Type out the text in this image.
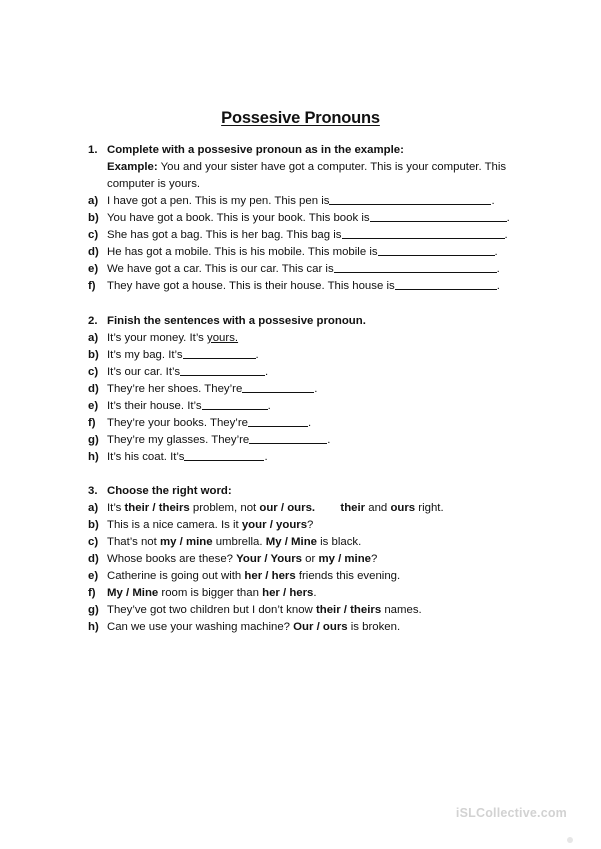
Possesive Pronouns
1. Complete with a possesive pronoun as in the example:
Example: You and your sister have got a computer. This is your computer. This
computer is yours.
a) I have got a pen. This is my pen. This pen is	.
b) You have got a book. This is your book. This book is	.
c) She has got a bag. This is her bag. This bag is	.
d) He has got a mobile. This is his mobile. This mobile is	.
e) We have got a car. This is our car. This car is	.
f)	They have got a house. This is their house. This house is	.
2. Finish the sentences with a possesive pronoun.
a) It’s your money. It’s yours.
b) It’s my bag. It’s	.
c) It’s our car. It’s	.
d) They’re her shoes. They’re	.
e) It’s their house. It’s	.
f)	They’re your books. They’re	.
g) They’re my glasses. They’re	.
h) It’s his coat. It’s	.
3. Choose the right word:
a) It’s their / theirs problem, not our / ours. their and ours right.
b) This is a nice camera. Is it your / yours?
c) That’s not my / mine umbrella. My / Mine is black.
d) Whose books are these? Your / Yours or my / mine?
e) Catherine is going out with her / hers friends this evening.
f)	My / Mine room is bigger than her / hers.
g) They’ve got two children but I don’t know their / theirs names.
h) Can we use your washing machine? Our / ours is broken.
iSLCollective.com
